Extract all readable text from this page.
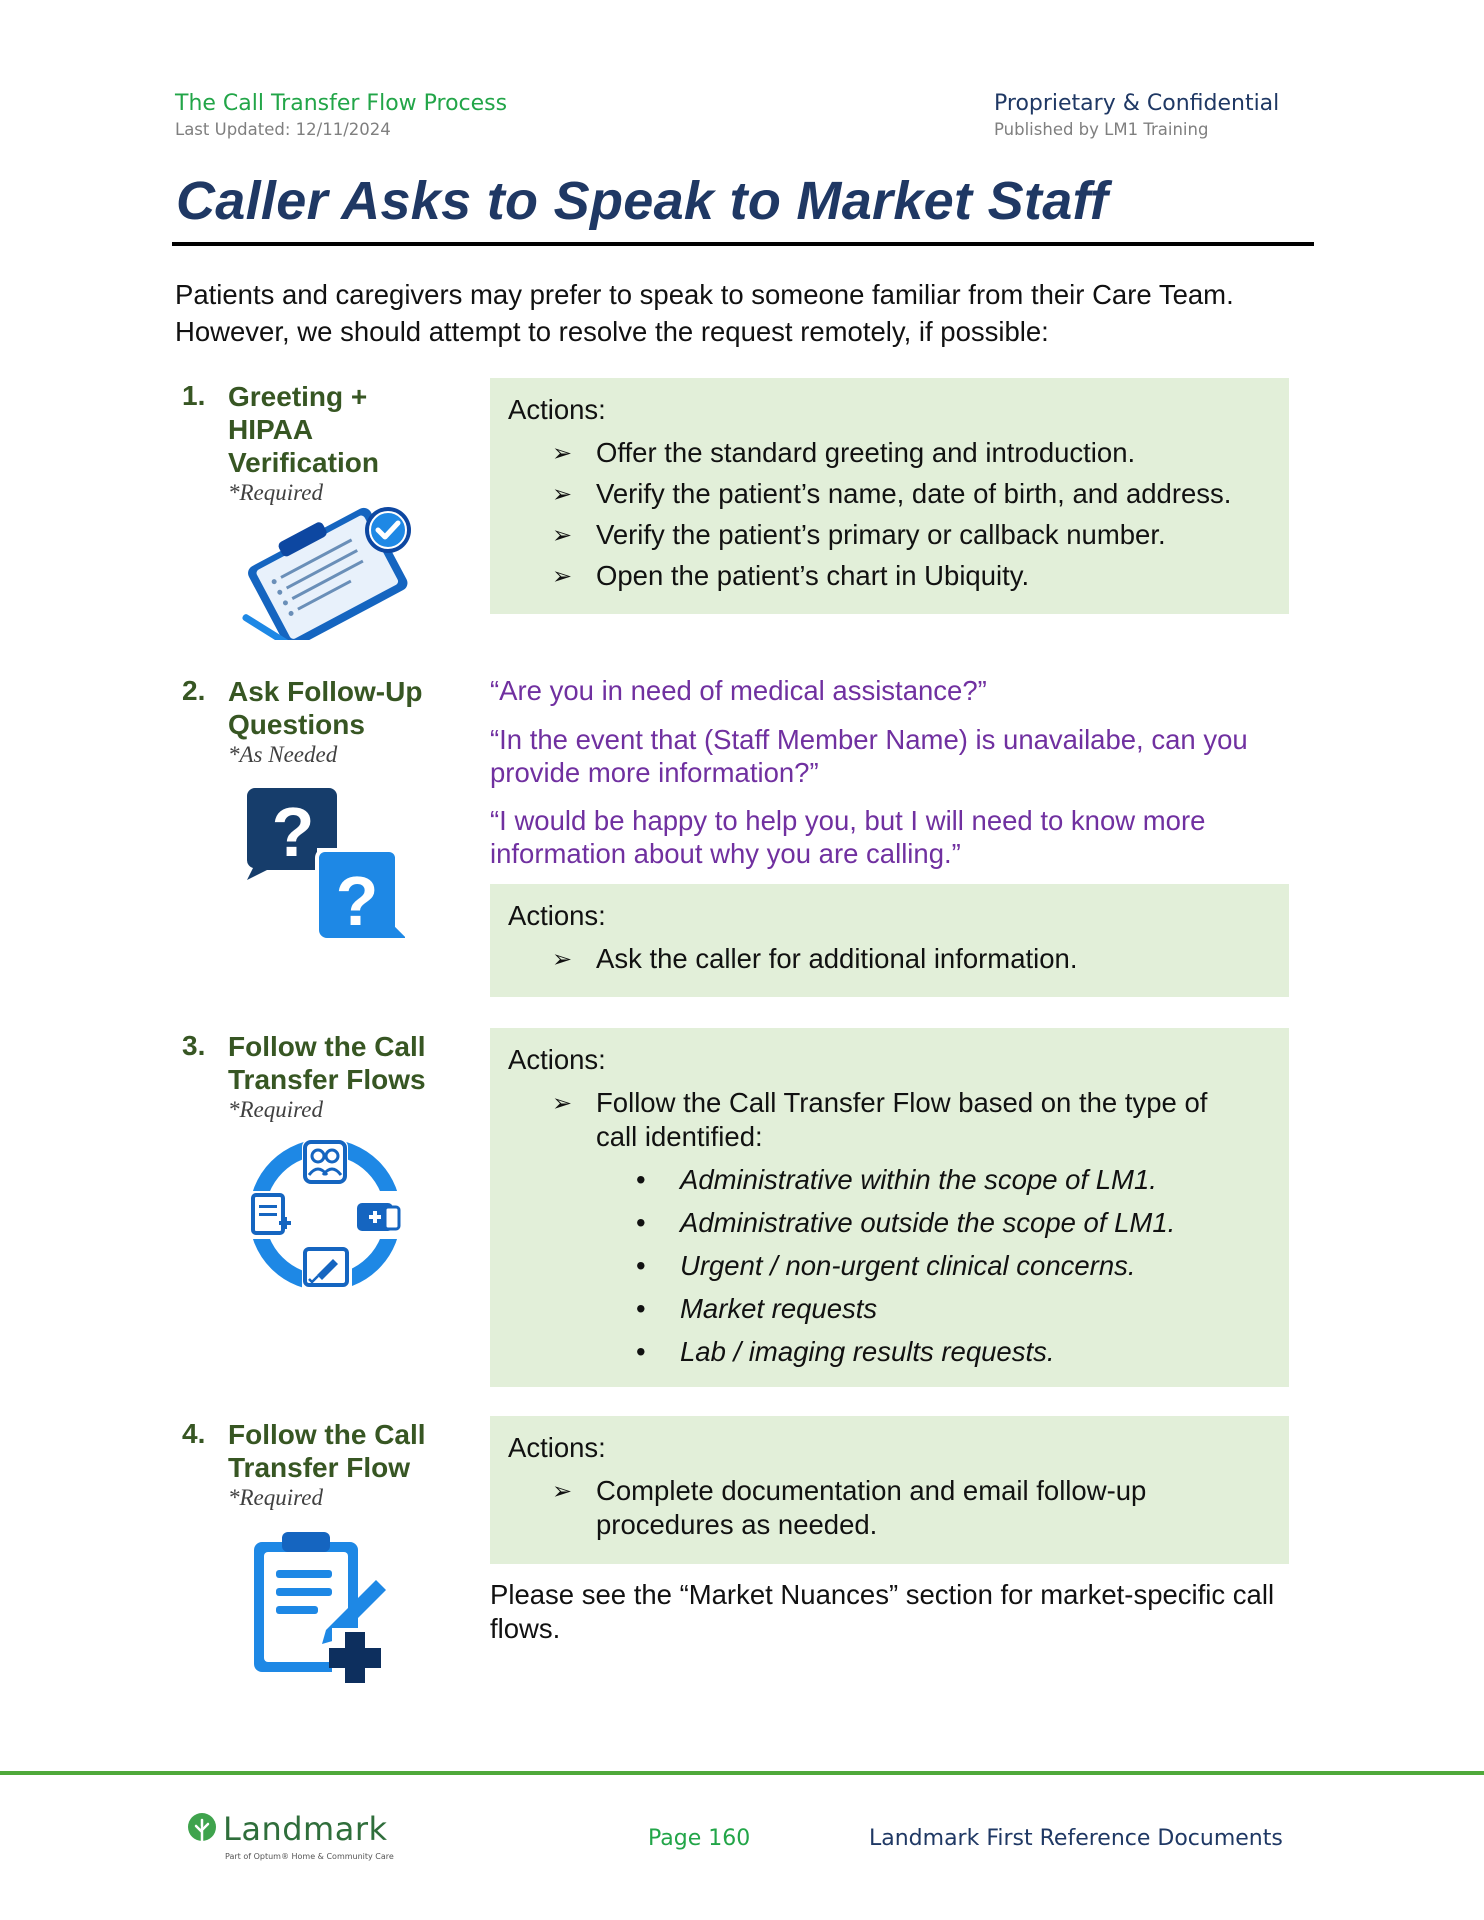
The Call Transfer Flow Process
Last Updated: 12/11/2024
Proprietary & Confidential
Published by LM1 Training
Caller Asks to Speak to Market Staff
Patients and caregivers may prefer to speak to someone familiar from their Care Team.
However, we should attempt to resolve the request remotely, if possible:
1. Greeting +
HIPAA
Verification
*Required
Actions:
➢ Offer the standard greeting and introduction.
➢ Verify the patient’s name, date of birth, and address.
➢ Verify the patient’s primary or callback number.
➢ Open the patient’s chart in Ubiquity.
2. Ask Follow-Up
Questions
*As Needed
?
?
“Are you in need of medical assistance?”
“In the event that (Staff Member Name) is unavailabe, can you provide more information?”
“I would be happy to help you, but I will need to know more information about why you are calling.”
Actions:
➢ Ask the caller for additional information.
3. Follow the Call
Transfer Flows
*Required
Actions:
➢ Follow the Call Transfer Flow based on the type of call identified:
• Administrative within the scope of LM1.
• Administrative outside the scope of LM1.
• Urgent / non-urgent clinical concerns.
• Market requests
• Lab / imaging results requests.
4. Follow the Call
Transfer Flow
*Required
Actions:
➢ Complete documentation and email follow-up procedures as needed.
Please see the “Market Nuances” section for market-specific call flows.
Landmark
Part of Optum® Home & Community Care
Page 160	Landmark First Reference Documents
